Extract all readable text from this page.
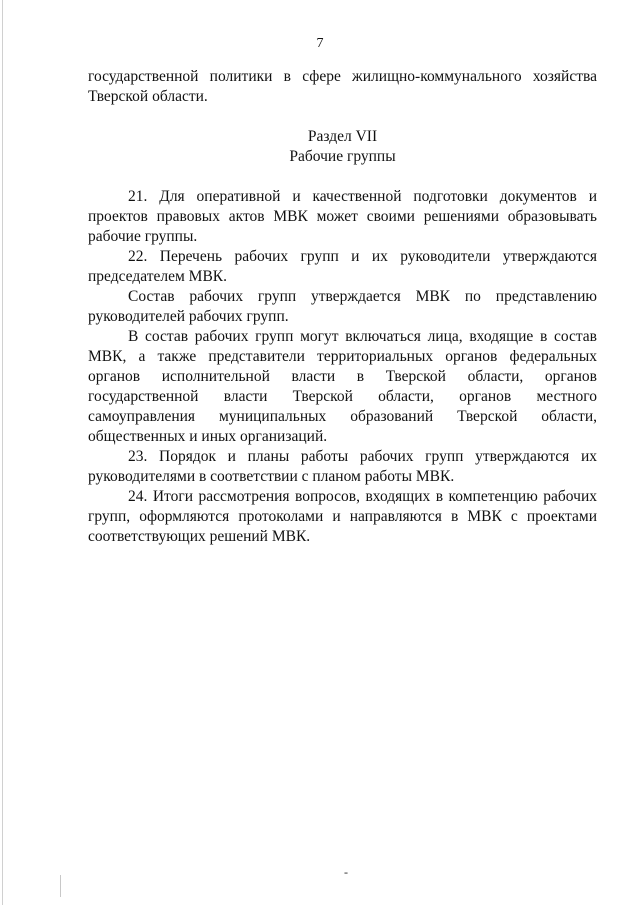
7

государственной политики в сфере жилищно-коммунального хозяйства Тверской области.

Раздел VII

Рабочие группы

21. Для оперативной и качественной подготовки документов и проектов правовых актов МВК может своими решениями образовывать рабочие группы.

22. Перечень рабочих групп и их руководители утверждаются председателем МВК.

Состав рабочих групп утверждается МВК по представлению руководителей рабочих групп.

В состав рабочих групп могут включаться лица, входящие в состав МВК, а также представители территориальных органов федеральных органов исполнительной власти в Тверской области, органов государственной власти Тверской области, органов местного самоуправления муниципальных образований Тверской области, общественных и иных организаций.

23. Порядок и планы работы рабочих групп утверждаются их руководителями в соответствии с планом работы МВК.

24. Итоги рассмотрения вопросов, входящих в компетенцию рабочих групп, оформляются протоколами и направляются в МВК с проектами соответствующих решений МВК.

-
